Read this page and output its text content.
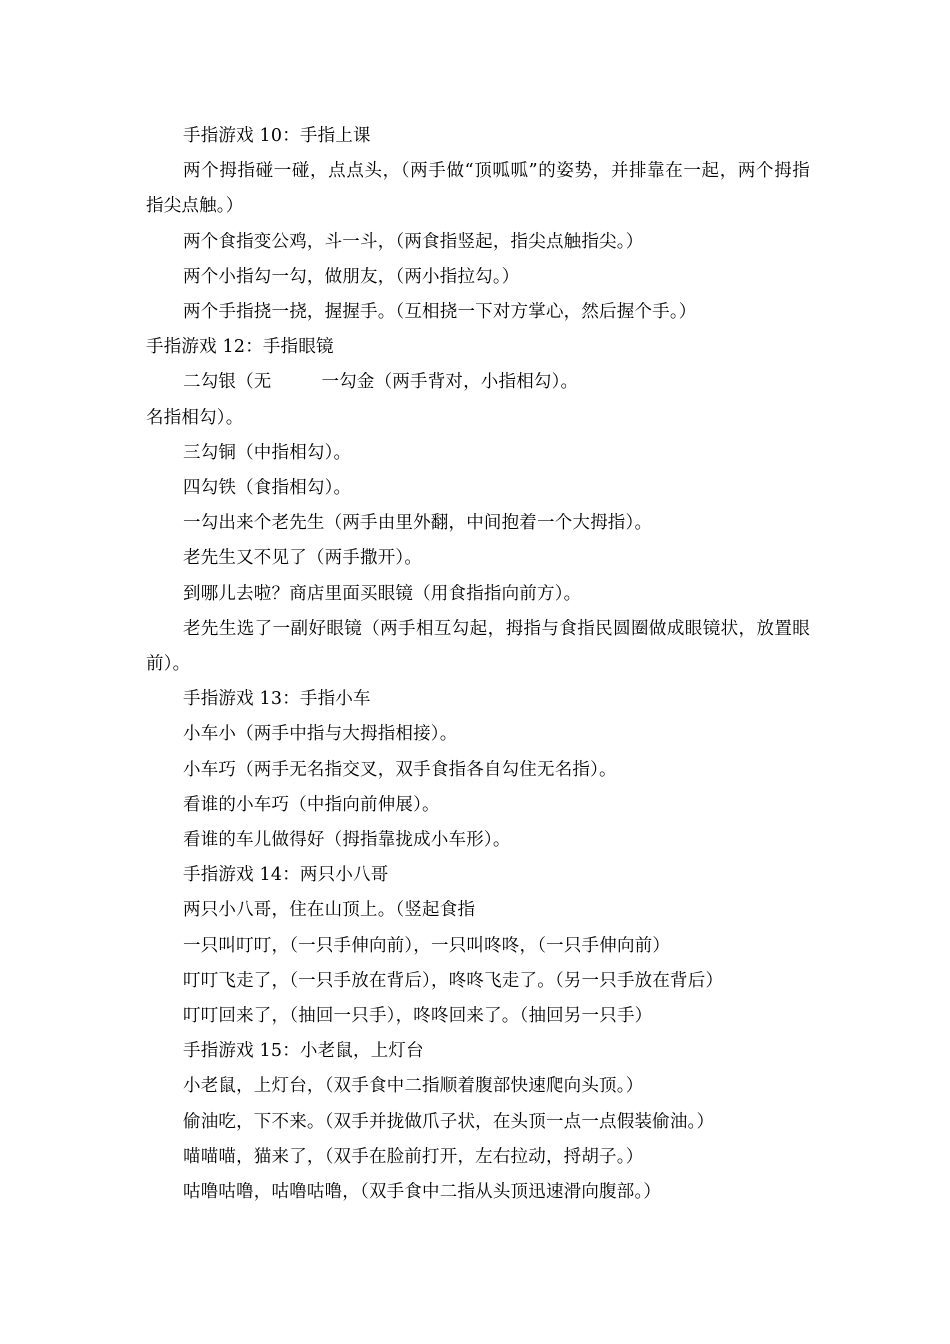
手指游戏 10：手指上课

两个拇指碰一碰，点点头，（两手做“顶呱呱”的姿势，并排靠在一起，两个拇指指尖点触。）

两个食指变公鸡，斗一斗，（两食指竖起，指尖点触指尖。）

两个小指勾一勾，做朋友，（两小指拉勾。）

两个手指挠一挠，握握手。（互相挠一下对方掌心，然后握个手。）

手指游戏 12：手指眼镜

二勾银（无	一勾金（两手背对，小指相勾）。

名指相勾）。

三勾铜（中指相勾）。

四勾铁（食指相勾）。

一勾出来个老先生（两手由里外翻，中间抱着一个大拇指）。

老先生又不见了（两手撒开）。

到哪儿去啦？商店里面买眼镜（用食指指向前方）。

老先生选了一副好眼镜（两手相互勾起，拇指与食指民圆圈做成眼镜状，放置眼前）。

手指游戏 13：手指小车

小车小（两手中指与大拇指相接）。

小车巧（两手无名指交叉，双手食指各自勾住无名指）。

看谁的小车巧（中指向前伸展）。

看谁的车儿做得好（拇指靠拢成小车形）。

手指游戏 14：两只小八哥

两只小八哥，住在山顶上。（竖起食指

一只叫叮叮，（一只手伸向前），一只叫咚咚，（一只手伸向前）

叮叮飞走了，（一只手放在背后），咚咚飞走了。（另一只手放在背后）

叮叮回来了，（抽回一只手），咚咚回来了。（抽回另一只手）

手指游戏 15：小老鼠，上灯台

小老鼠，上灯台，（双手食中二指顺着腹部快速爬向头顶。）

偷油吃，下不来。（双手并拢做爪子状，在头顶一点一点假装偷油。）

喵喵喵，猫来了，（双手在脸前打开，左右拉动，捋胡子。）

咕噜咕噜，咕噜咕噜，（双手食中二指从头顶迅速滑向腹部。）
